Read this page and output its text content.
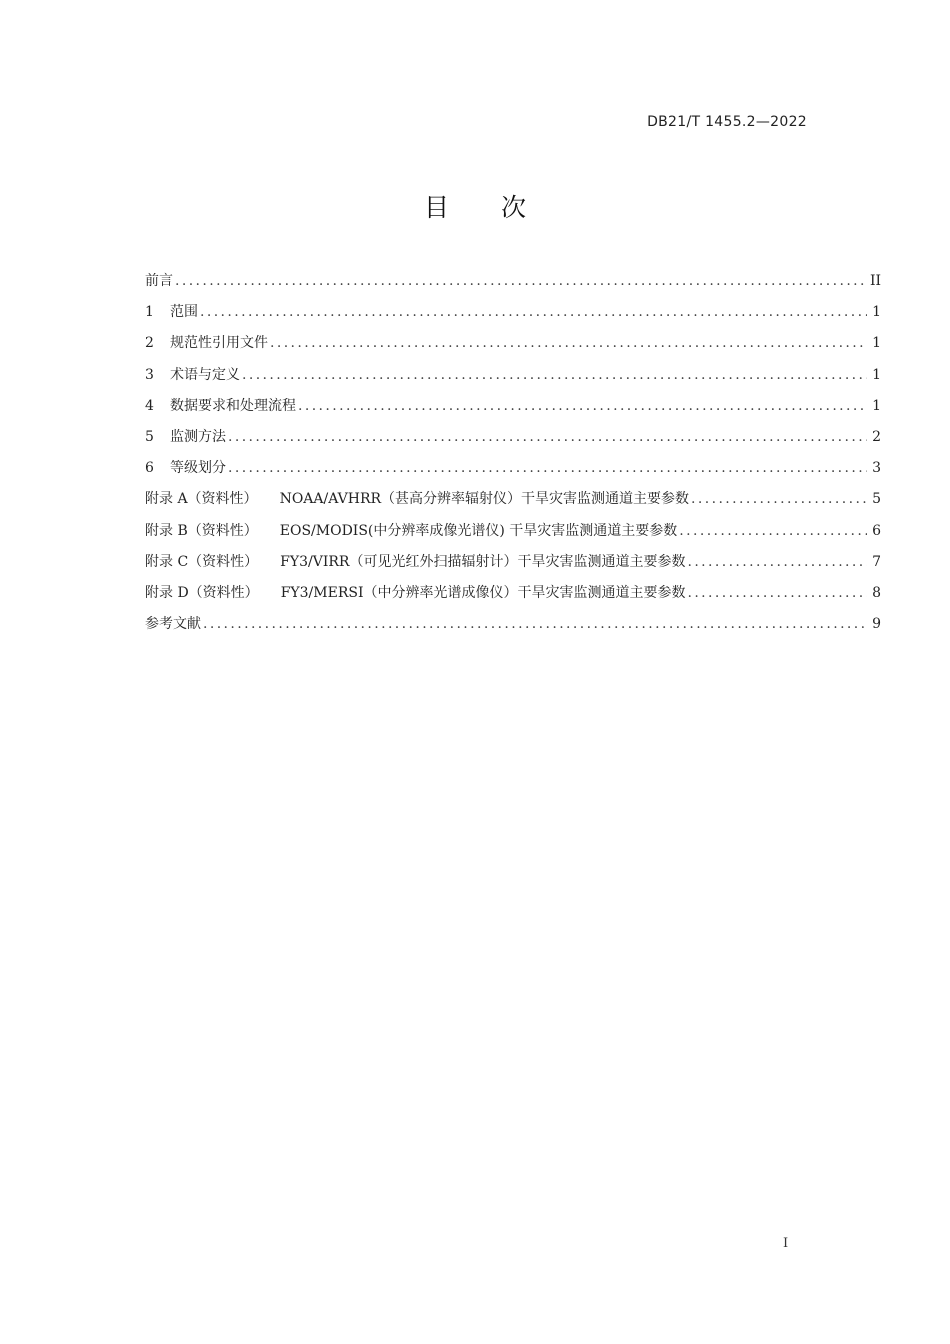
DB21/T 1455.2—2022
目 次
前言 .....	II
1	范围 .....	1
2	规范性引用文件 .....	1
3	术语与定义 .....	1
4	数据要求和处理流程 .....	1
5	监测方法 .....	2
6	等级划分 .....	3
附录 A（资料性） NOAA/AVHRR（甚高分辨率辐射仪）干旱灾害监测通道主要参数 .....	5
附录 B（资料性） EOS/MODIS(中分辨率成像光谱仪) 干旱灾害监测通道主要参数 .....	6
附录 C（资料性） FY3/VIRR（可见光红外扫描辐射计）干旱灾害监测通道主要参数 .....	7
附录 D（资料性） FY3/MERSI（中分辨率光谱成像仪）干旱灾害监测通道主要参数 .....	8
参考文献 .....	9
I
